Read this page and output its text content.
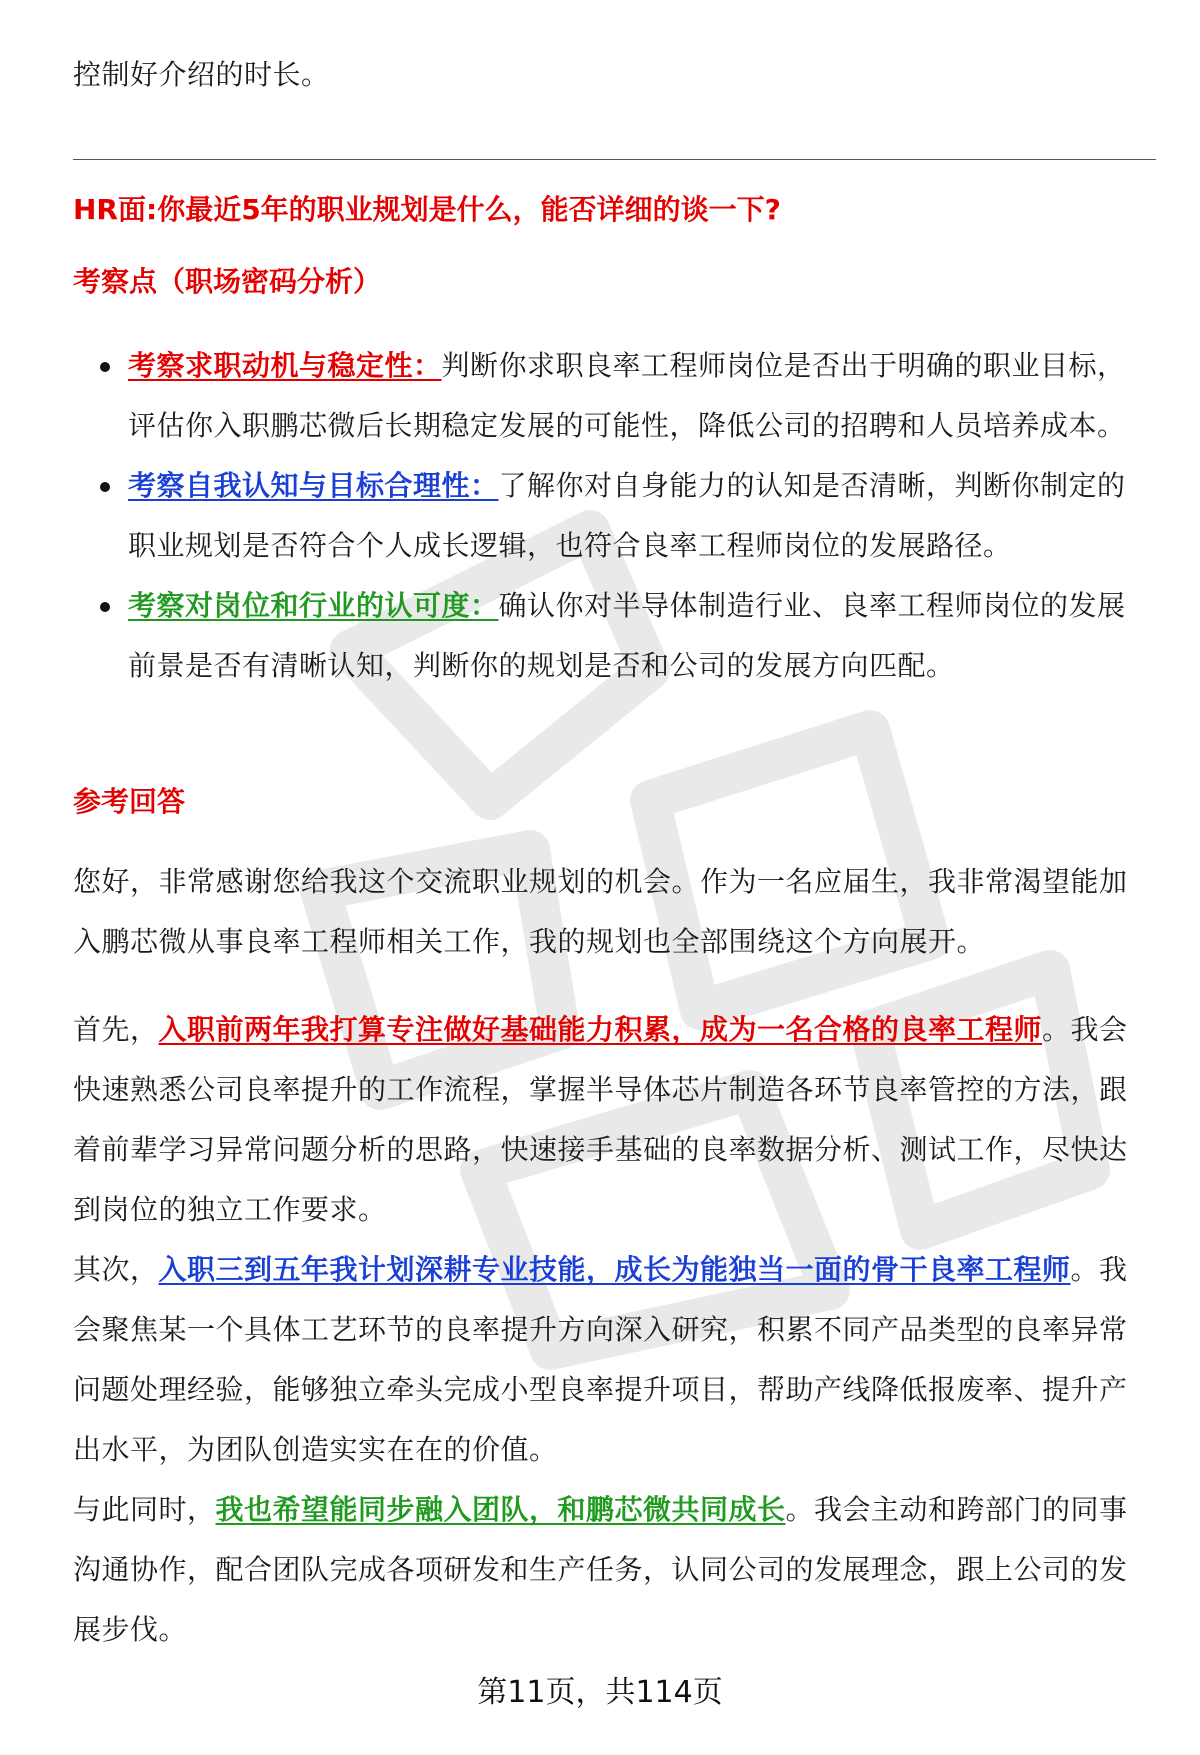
控制好介绍的时长。

HR面:你最近5年的职业规划是什么，能否详细的谈一下?
考察点（职场密码分析）
考察求职动机与稳定性：判断你求职良率工程师岗位是否出于明确的职业目标，评估你入职鹏芯微后长期稳定发展的可能性，降低公司的招聘和人员培养成本。
考察自我认知与目标合理性：了解你对自身能力的认知是否清晰，判断你制定的职业规划是否符合个人成长逻辑，也符合良率工程师岗位的发展路径。
考察对岗位和行业的认可度：确认你对半导体制造行业、良率工程师岗位的发展前景是否有清晰认知，判断你的规划是否和公司的发展方向匹配。
参考回答

您好，非常感谢您给我这个交流职业规划的机会。作为一名应届生，我非常渴望能加入鹏芯微从事良率工程师相关工作，我的规划也全部围绕这个方向展开。

首先，入职前两年我打算专注做好基础能力积累，成为一名合格的良率工程师。我会快速熟悉公司良率提升的工作流程，掌握半导体芯片制造各环节良率管控的方法，跟着前辈学习异常问题分析的思路，快速接手基础的良率数据分析、测试工作，尽快达到岗位的独立工作要求。

其次，入职三到五年我计划深耕专业技能，成长为能独当一面的骨干良率工程师。我会聚焦某一个具体工艺环节的良率提升方向深入研究，积累不同产品类型的良率异常问题处理经验，能够独立牵头完成小型良率提升项目，帮助产线降低报废率、提升产出水平，为团队创造实实在在的价值。

与此同时，我也希望能同步融入团队，和鹏芯微共同成长。我会主动和跨部门的同事沟通协作，配合团队完成各项研发和生产任务，认同公司的发展理念，跟上公司的发展步伐。

第11页，共114页
